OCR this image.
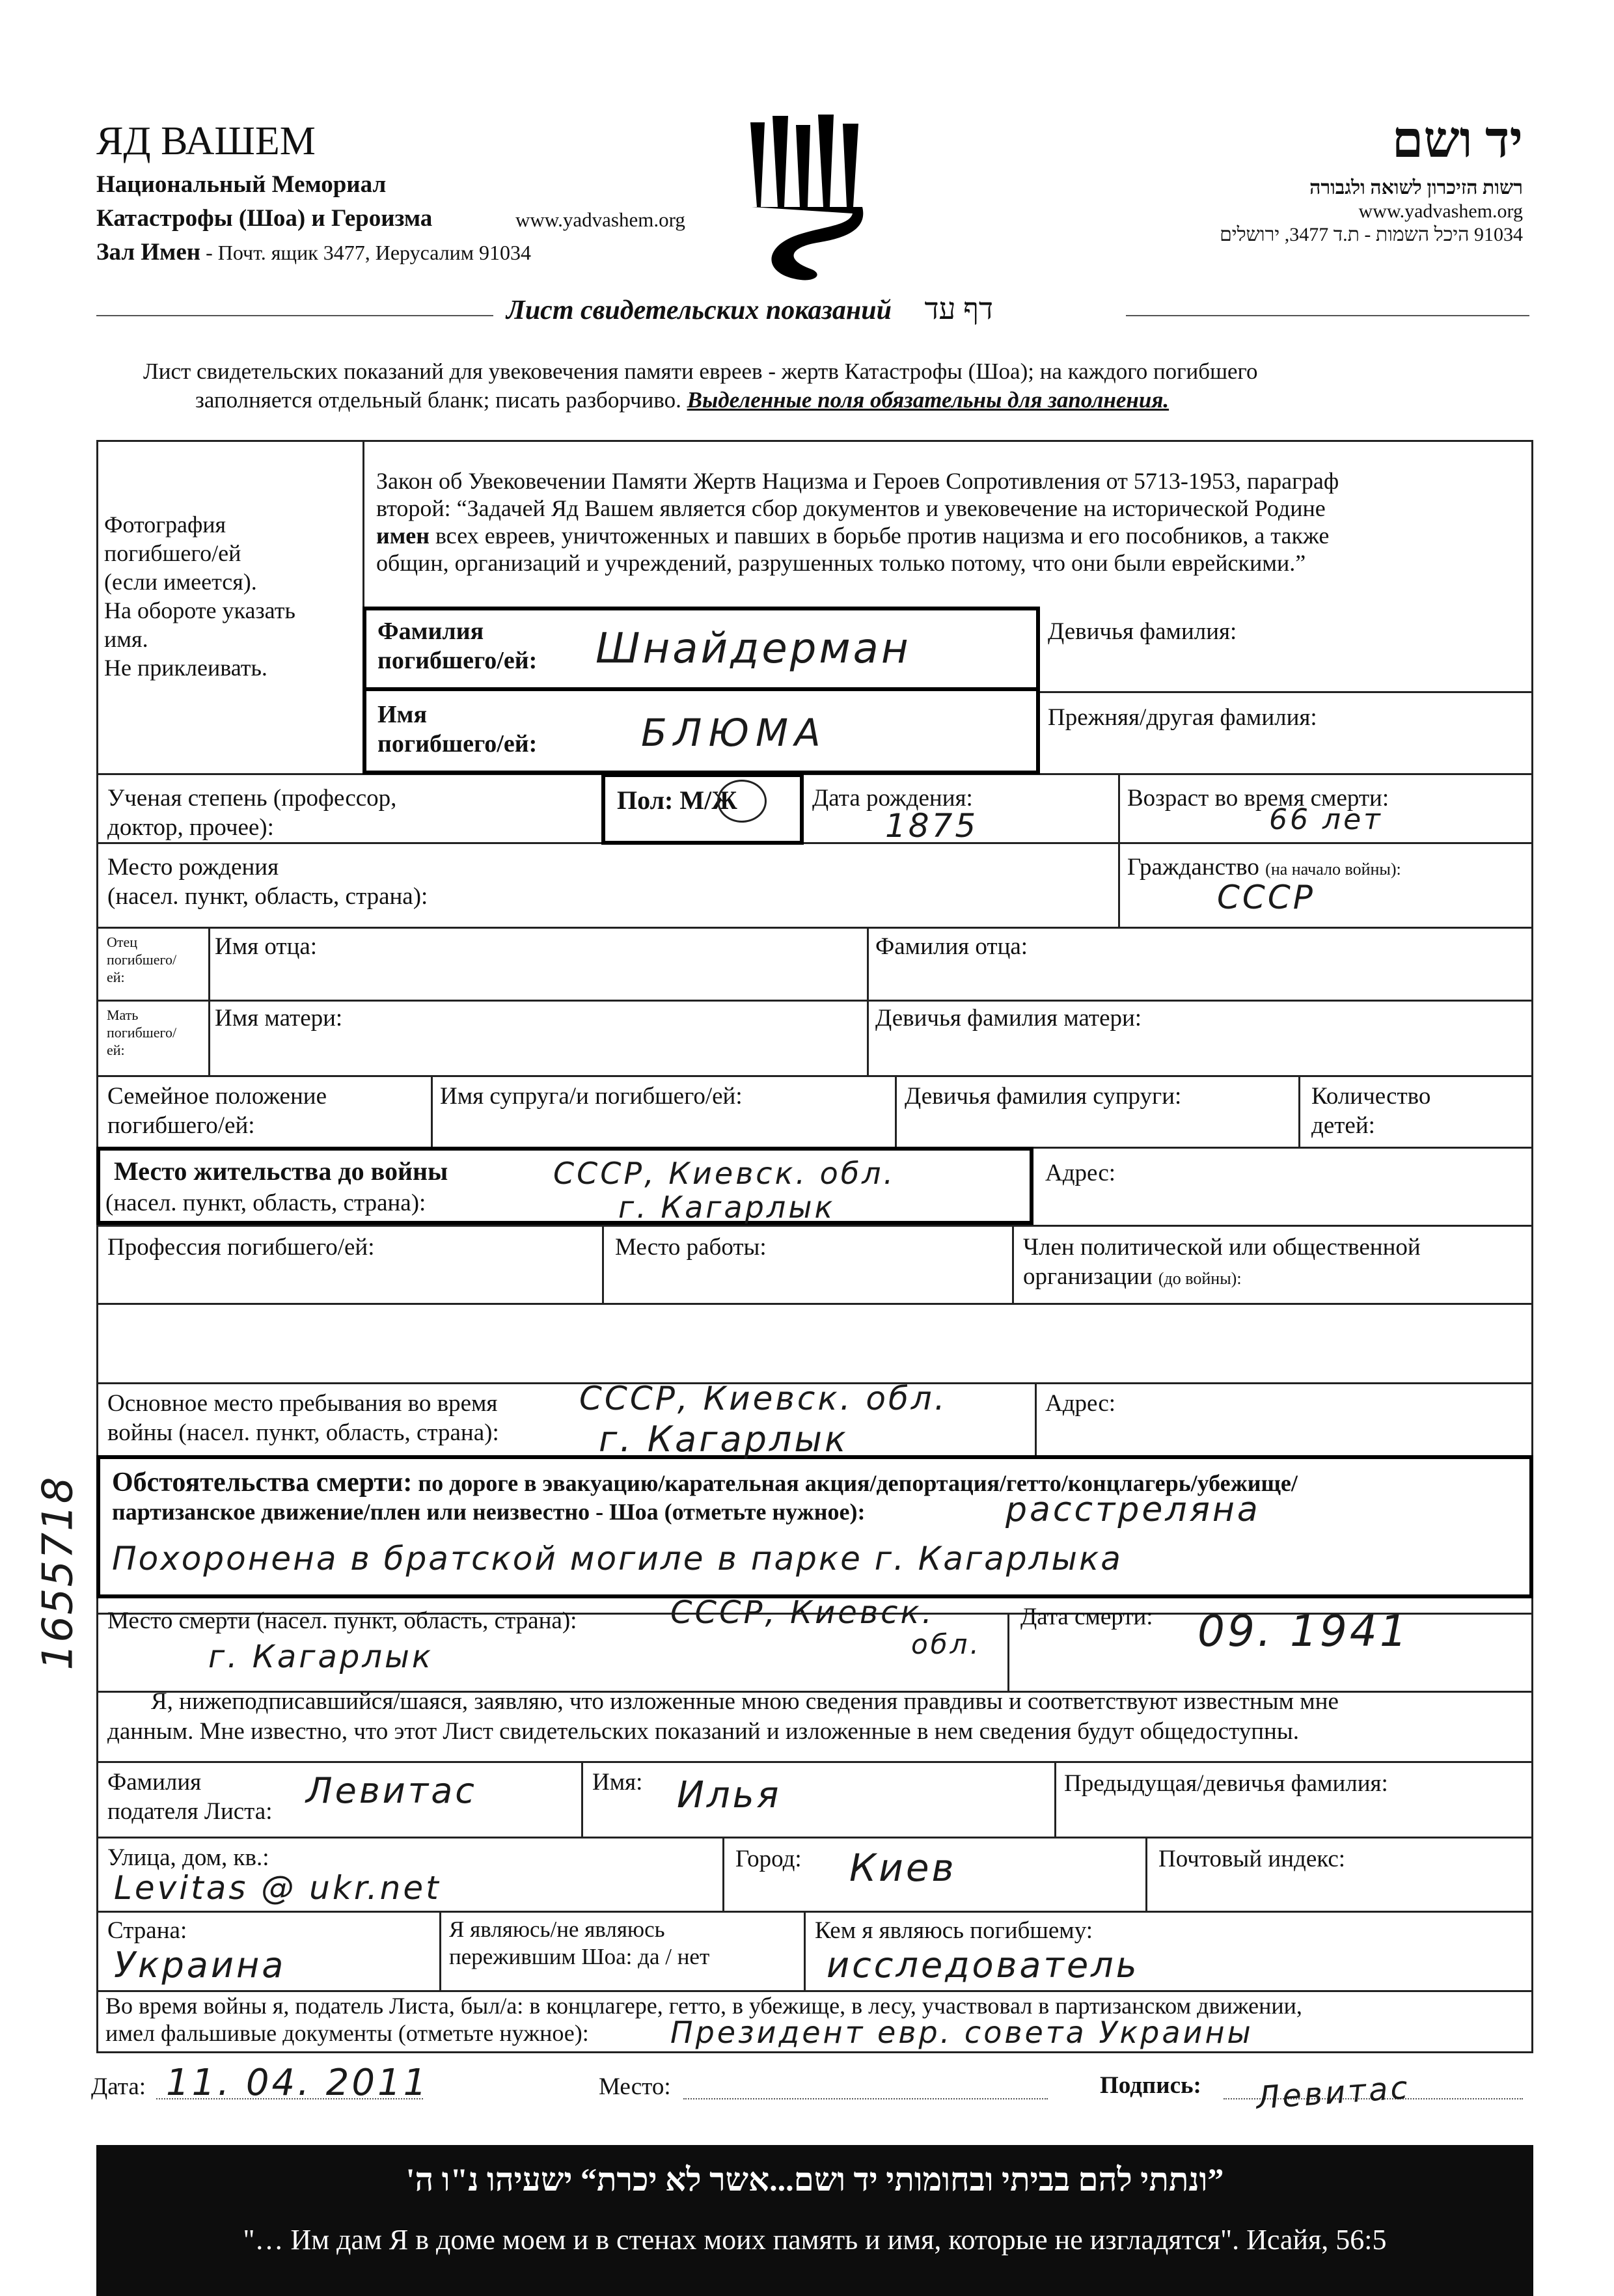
ЯД ВАШЕМ
Национальный Мемориал
Катастрофы (Шоа) и Героизма	www.yadvashem.org
Зал Имен - Почт. ящик 3477, Иерусалим 91034
יד ושם
רשות הזיכרון לשואה ולגבורה
www.yadvashem.org
91034 היכל השמות - ת.ד 3477, ירושלים
Лист свидетельских показаний דף עד
Лист свидетельских показаний для увековечения памяти евреев - жертв Катастрофы (Шоа); на каждого погибшего
заполняется отдельный бланк; писать разборчиво. Выделенные поля обязательны для заполнения.
1655718
Фотография
погибшего/ей
(если имеется).
На обороте указать
имя.
Не приклеивать.
Закон об Увековечении Памяти Жертв Нацизма и Героев Сопротивления от 5713-1953, параграф
второй: “Задачей Яд Вашем является сбор документов и увековечение на исторической Родине
имен всех евреев, уничтоженных и павших в борьбе против нацизма и его пособников, а также
общин, организаций и учреждений, разрушенных только потому, что они были еврейскими.”
Фамилия
погибшего/ей: Шнайдерман	Девичья фамилия:
Имя
погибшего/ей:	БЛЮМА	Прежняя/другая фамилия:
Ученая степень (профессор,
доктор, прочее):
Пол: М/Ж	Дата рождения:
1875
Возраст во время смерти:
66 лет
Место рождения
(насел. пункт, область, страна):
Гражданство (на начало войны):
СССР
Отец
погибшего/
ей:
Имя отца:	Фамилия отца:
Мать
погибшего/
ей:
Имя матери:	Девичья фамилия матери:
Семейное положение
погибшего/ей:
Имя супруга/и погибшего/ей:	Девичья фамилия супруги:	Количество
детей:
Место жительства до войны
(насел. пункт, область, страна):
СССР, Киевск. обл.
г. Кагарлык
Адрес:
Профессия погибшего/ей:	Место работы:	Член политической или общественной
организации (до войны):
Основное место пребывания во время
войны (насел. пункт, область, страна):
СССР, Киевск. обл.
г. Кагарлык
Адрес:
Обстоятельства смерти: по дороге в эвакуацию/карательная акция/депортация/гетто/концлагерь/убежище/
партизанское движение/плен или неизвестно - Шоа (отметьте нужное):	расстреляна
Похоронена в братской могиле в парке г. Кагарлыка
Место смерти (насел. пункт, область, страна):	СССР, Киевск.
обл.
г. Кагарлык
Дата смерти: 09. 1941
Я, нижеподписавшийся/шаяся, заявляю, что изложенные мною сведения правдивы и соответствуют известным мне
данным. Мне известно, что этот Лист свидетельских показаний и изложенные в нем сведения будут общедоступны.
Фамилия
подателя Листа:
Левитас	Имя: Илья	Предыдущая/девичья фамилия:
Улица, дом, кв.:
Levitas @ ukr.net
Город: Киев	Почтовый индекс:
Страна:
Украина
Я являюсь/не являюсь
пережившим Шоа: да / нет
Кем я являюсь погибшему:
исследователь
Во время войны я, податель Листа, был/а: в концлагере, гетто, в убежище, в лесу, участвовал в партизанском движении,
имел фальшивые документы (отметьте нужное):	Президент евр. совета Украины
Дата: 11. 04. 2011	Место:	Подпись: Левитас
”ונתתי להם בביתי ובחומותי יד ושם...אשר לא יכרת“ ישעיהו נ"ו ה'
"… Им дам Я в доме моем и в стенах моих память и имя, которые не изгладятся". Исайя, 56:5
